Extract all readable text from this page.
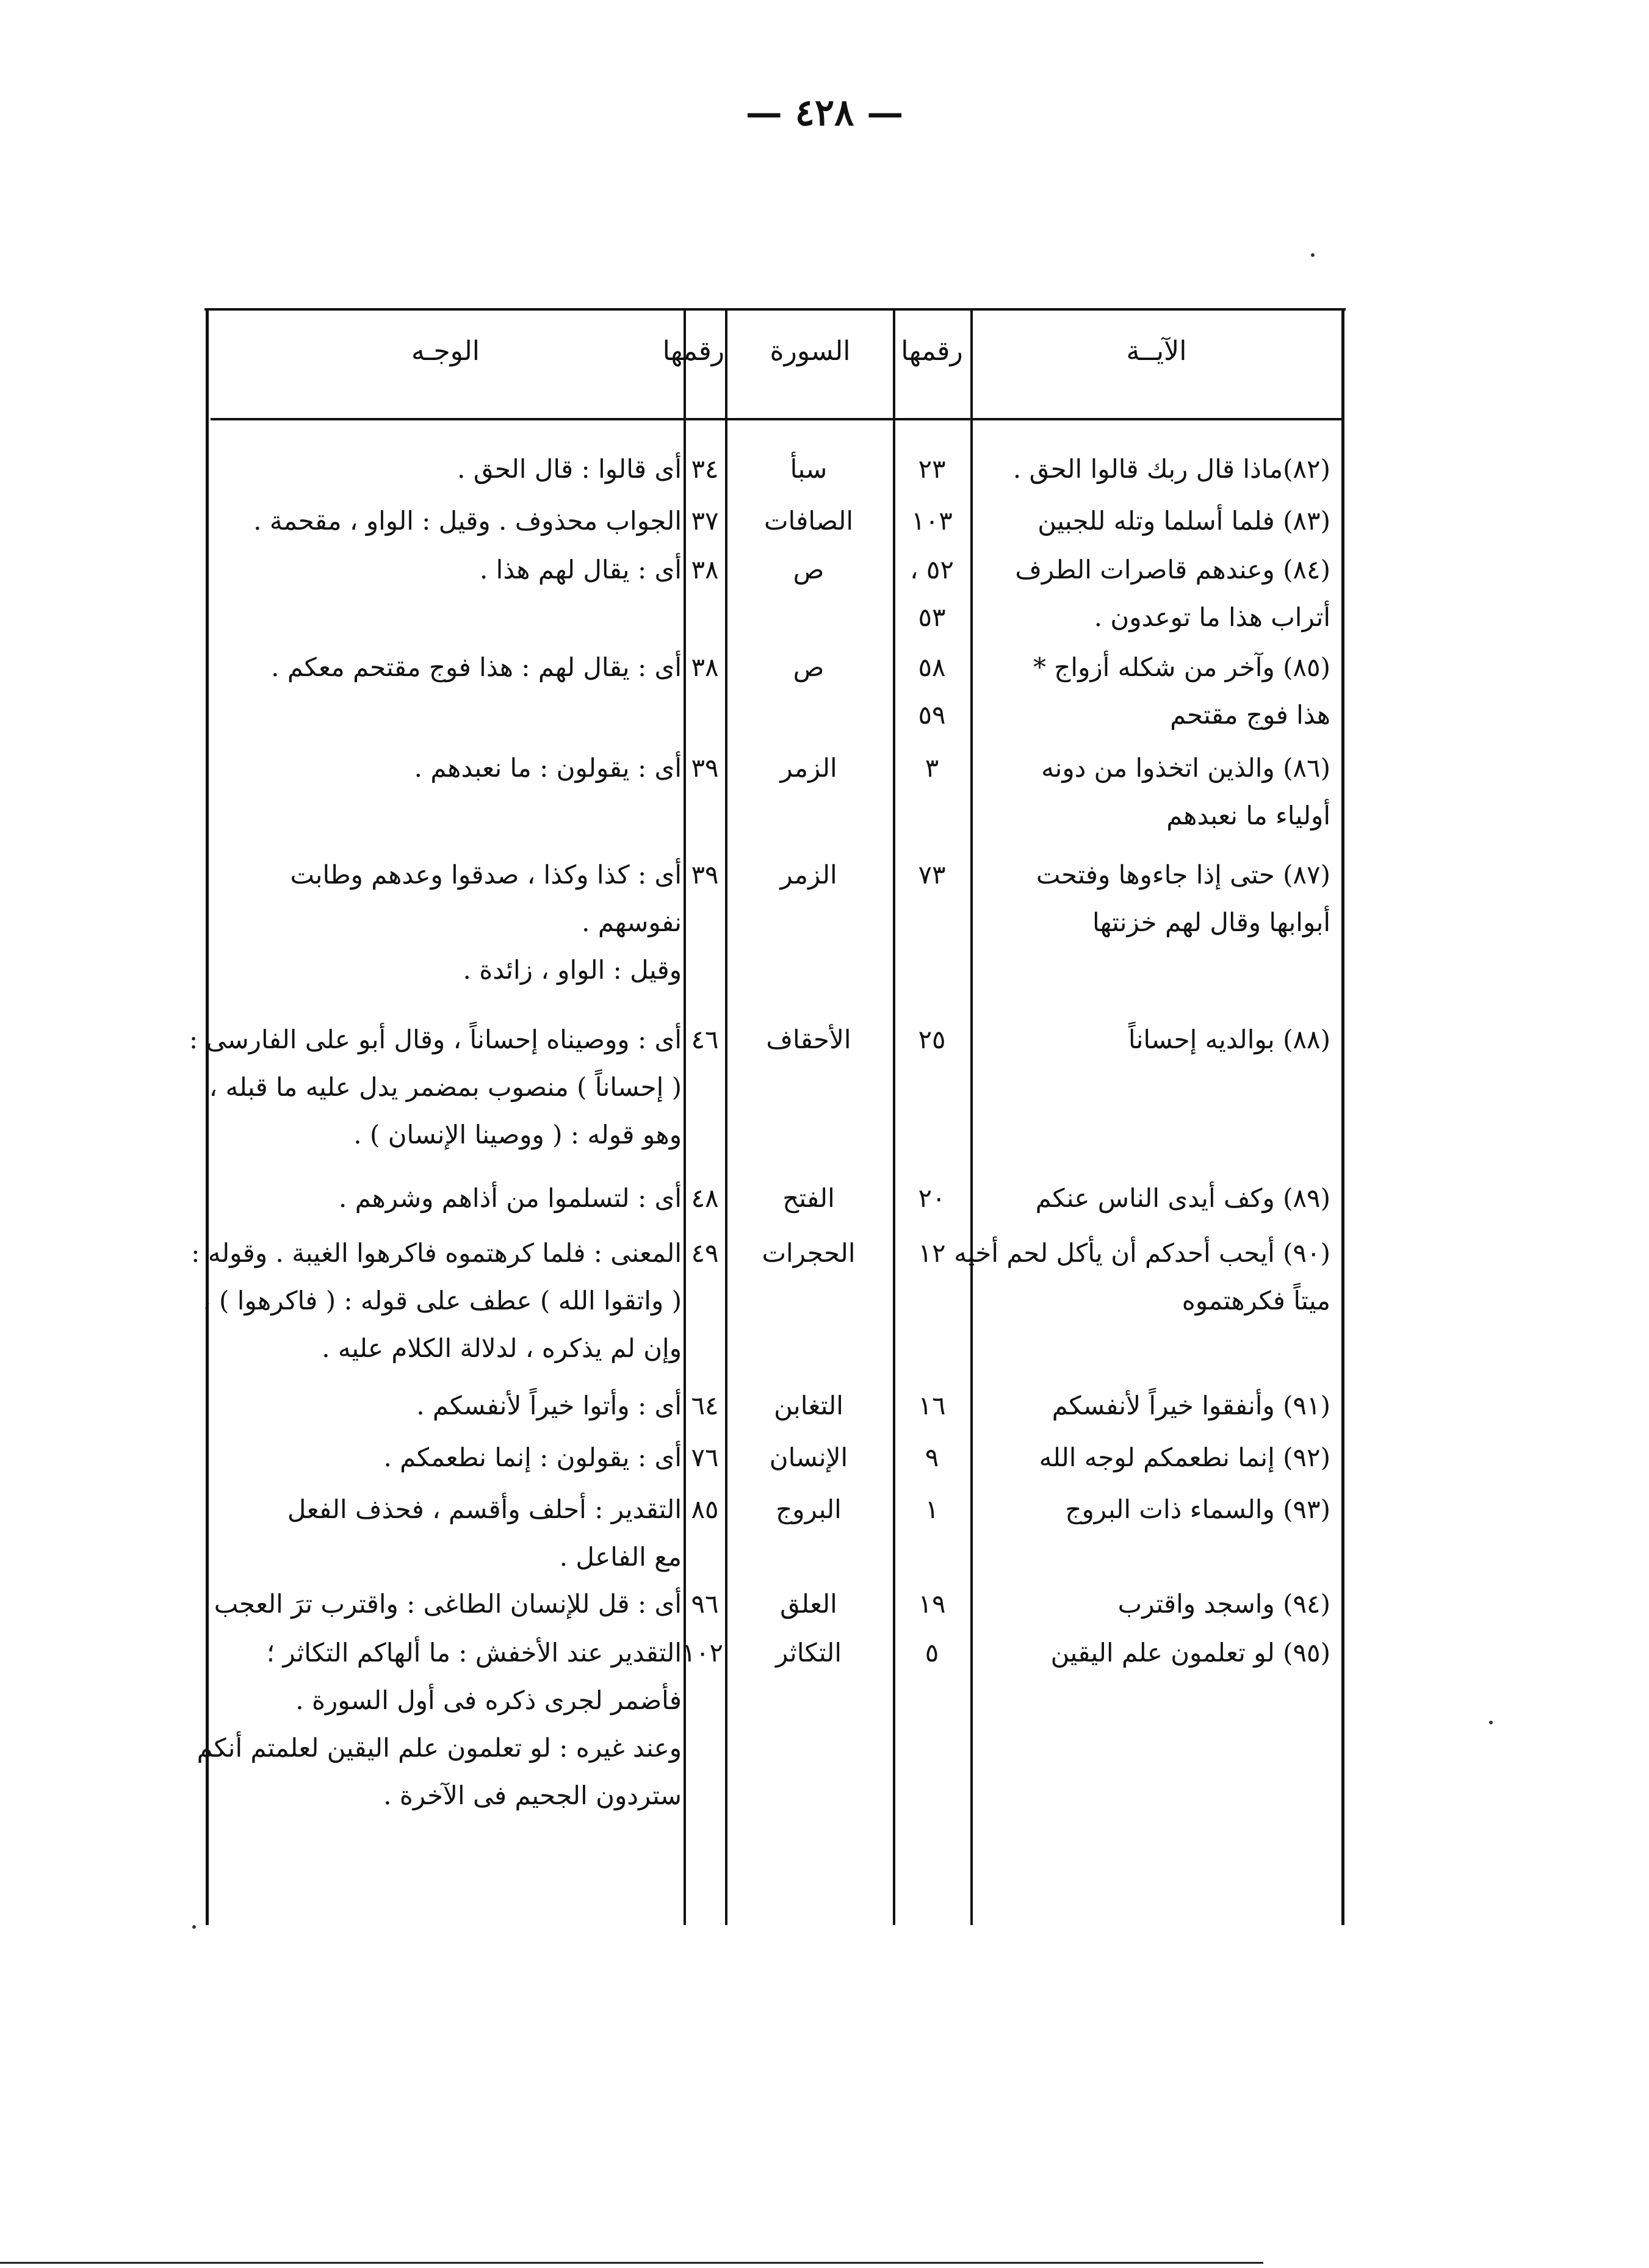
— ٤٢٨ —
الآيــة
رقمها
السورة
رقمها
الوجـه
(٨٢)ماذا قال ربك قالوا الحق .
٢٣
سبأ
٣٤
أى قالوا : قال الحق .
(٨٣) فلما أسلما وتله للجبين
١٠٣
الصافات
٣٧
الجواب محذوف . وقيل : الواو ، مقحمة .
(٨٤) وعندهم قاصرات الطرف
أتراب هذا ما توعدون .
٥٢ ،
٥٣
ص
٣٨
أى : يقال لهم هذا .
(٨٥) وآخر من شكله أزواج *
هذا فوج مقتحم
٥٨
٥٩
ص
٣٨
أى : يقال لهم : هذا فوج مقتحم معكم .
(٨٦) والذين اتخذوا من دونه
أولياء ما نعبدهم
٣
الزمر
٣٩
أى : يقولون : ما نعبدهم .
(٨٧) حتى إذا جاءوها وفتحت
أبوابها وقال لهم خزنتها
٧٣
الزمر
٣٩
أى : كذا وكذا ، صدقوا وعدهم وطابت
نفوسهم .
وقيل : الواو ، زائدة .
(٨٨) بوالديه إحساناً
٢٥
الأحقاف
٤٦
أى : ووصيناه إحساناً ، وقال أبو على الفارسى :
( إحساناً ) منصوب بمضمر يدل عليه ما قبله ،
وهو قوله : ( ووصينا الإنسان ) .
(٨٩) وكف أيدى الناس عنكم
٢٠
الفتح
٤٨
أى : لتسلموا من أذاهم وشرهم .
(٩٠) أيحب أحدكم أن يأكل لحم أخيه
ميتاً فكرهتموه
١٢
الحجرات
٤٩
المعنى : فلما كرهتموه فاكرهوا الغيبة . وقوله :
( واتقوا الله ) عطف على قوله : ( فاكرهوا ) ،
وإن لم يذكره ، لدلالة الكلام عليه .
(٩١) وأنفقوا خيراً لأنفسكم
١٦
التغابن
٦٤
أى : وأتوا خيراً لأنفسكم .
(٩٢) إنما نطعمكم لوجه الله
٩
الإنسان
٧٦
أى : يقولون : إنما نطعمكم .
(٩٣) والسماء ذات البروج
١
البروج
٨٥
التقدير : أحلف وأقسم ، فحذف الفعل
مع الفاعل .
(٩٤) واسجد واقترب
١٩
العلق
٩٦
أى : قل للإنسان الطاغى : واقترب ترَ العجب
(٩٥) لو تعلمون علم اليقين
٥
التكاثر
١٠٢
التقدير عند الأخفش : ما ألهاكم التكاثر ؛
فأضمر لجرى ذكره فى أول السورة .
وعند غيره : لو تعلمون علم اليقين لعلمتم أنكم
ستردون الجحيم فى الآخرة .
